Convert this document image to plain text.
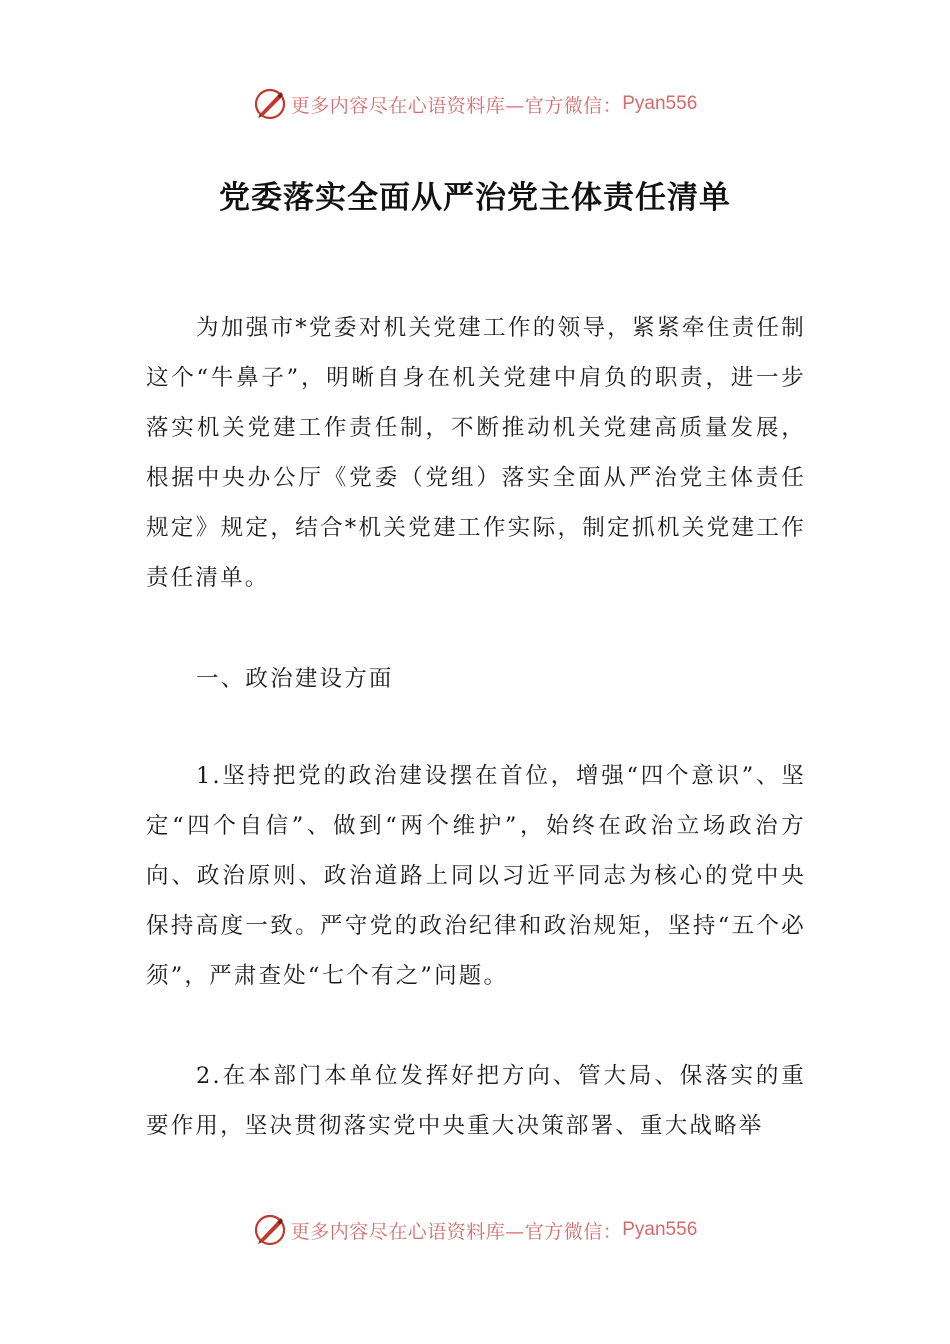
更多内容尽在心语资料库—官方微信： Pyan556
党委落实全面从严治党主体责任清单
为加强市*党委对机关党建工作的领导，紧紧牵住责任制这个“牛鼻子”，明晰自身在机关党建中肩负的职责，进一步落实机关党建工作责任制，不断推动机关党建高质量发展，根据中央办公厅《党委（党组）落实全面从严治党主体责任规定》规定，结合*机关党建工作实际，制定抓机关党建工作责任清单。
一、政治建设方面
1.坚持把党的政治建设摆在首位，增强“四个意识”、坚定“四个自信”、做到“两个维护”，始终在政治立场政治方向、政治原则、政治道路上同以习近平同志为核心的党中央保持高度一致。严守党的政治纪律和政治规矩，坚持“五个必须”，严肃查处“七个有之”问题。
2.在本部门本单位发挥好把方向、管大局、保落实的重要作用，坚决贯彻落实党中央重大决策部署、重大战略举
更多内容尽在心语资料库—官方微信： Pyan556
